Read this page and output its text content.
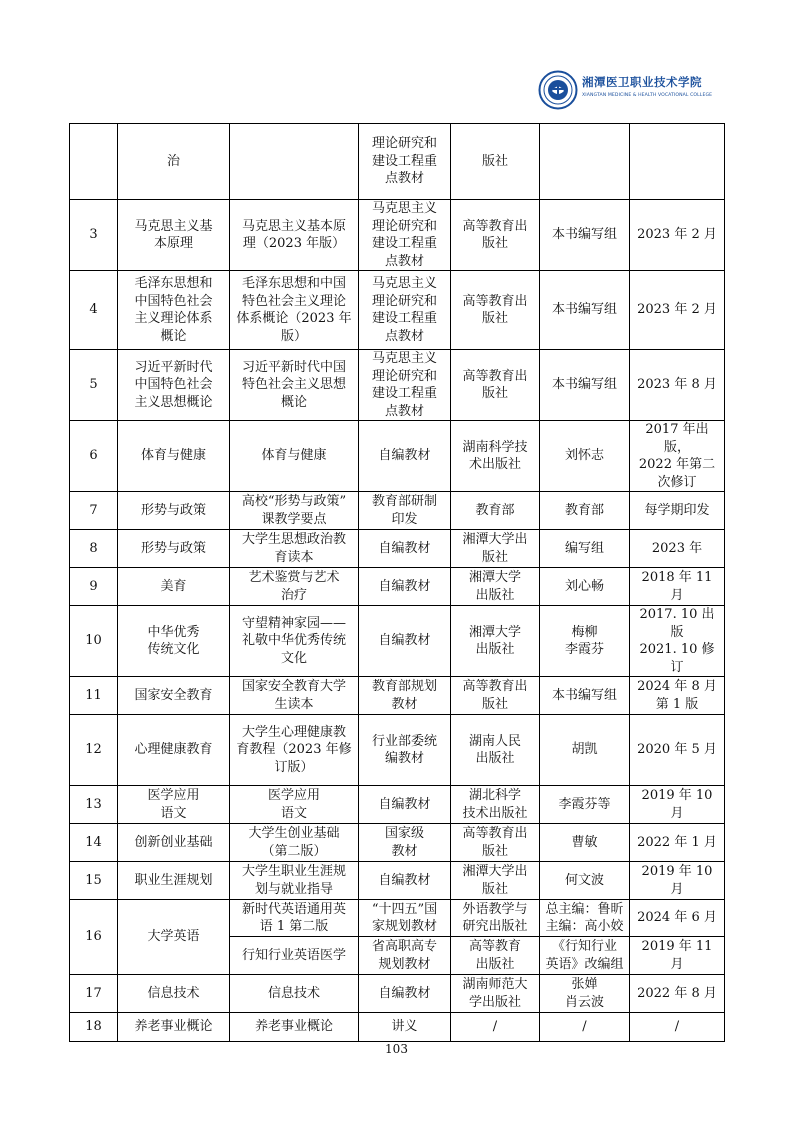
湘潭医卫职业技术学院
XIANGTAN MEDICINE & HEALTH VOCATIONAL COLLEGE
	治		理论研究和
建设工程重
点教材	版社		
3	马克思主义基
本原理	马克思主义基本原
理（2023 年版）	马克思主义
理论研究和
建设工程重
点教材	高等教育出
版社	本书编写组	2023 年 2 月
4	毛泽东思想和
中国特色社会
主义理论体系
概论	毛泽东思想和中国
特色社会主义理论
体系概论（2023 年
版）	马克思主义
理论研究和
建设工程重
点教材	高等教育出
版社	本书编写组	2023 年 2 月
5	习近平新时代
中国特色社会
主义思想概论	习近平新时代中国
特色社会主义思想
概论	马克思主义
理论研究和
建设工程重
点教材	高等教育出
版社	本书编写组	2023 年 8 月
6	体育与健康	体育与健康	自编教材	湖南科学技
术出版社	刘怀志	2017 年出版，
2022 年第二
次修订
7	形势与政策	高校“形势与政策”
课教学要点	教育部研制
印发	教育部	教育部	每学期印发
8	形势与政策	大学生思想政治教
育读本	自编教材	湘潭大学出
版社	编写组	2023 年
9	美育	艺术鉴赏与艺术
治疗	自编教材	湘潭大学
出版社	刘心畅	2018 年 11 月
10	中华优秀
传统文化	守望精神家园——
礼敬中华优秀传统
文化	自编教材	湘潭大学
出版社	梅柳
李霞芬	2017. 10 出版
2021. 10 修订
11	国家安全教育	国家安全教育大学
生读本	教育部规划
教材	高等教育出
版社	本书编写组	2024 年 8 月
第 1 版
12	心理健康教育	大学生心理健康教
育教程（2023 年修
订版）	行业部委统
编教材	湖南人民
出版社	胡凯	2020 年 5 月
13	医学应用
语文	医学应用
语文	自编教材	湖北科学
技术出版社	李霞芬等	2019 年 10
月
14	创新创业基础	大学生创业基础
（第二版）	国家级
教材	高等教育出
版社	曹敏	2022 年 1 月
15	职业生涯规划	大学生职业生涯规
划与就业指导	自编教材	湘潭大学出
版社	何文波	2019 年 10 月
16	大学英语	新时代英语通用英
语 1 第二版	“十四五”国
家规划教材	外语教学与
研究出版社	总主编：鲁昕
主编：高小姣	2024 年 6 月
		行知行业英语医学	省高职高专
规划教材	高等教育
出版社	《行知行业
英语》改编组	2019 年 11 月
17	信息技术	信息技术	自编教材	湖南师范大
学出版社	张婵
肖云波	2022 年 8 月
18	养老事业概论	养老事业概论	讲义	/	/	/
103
